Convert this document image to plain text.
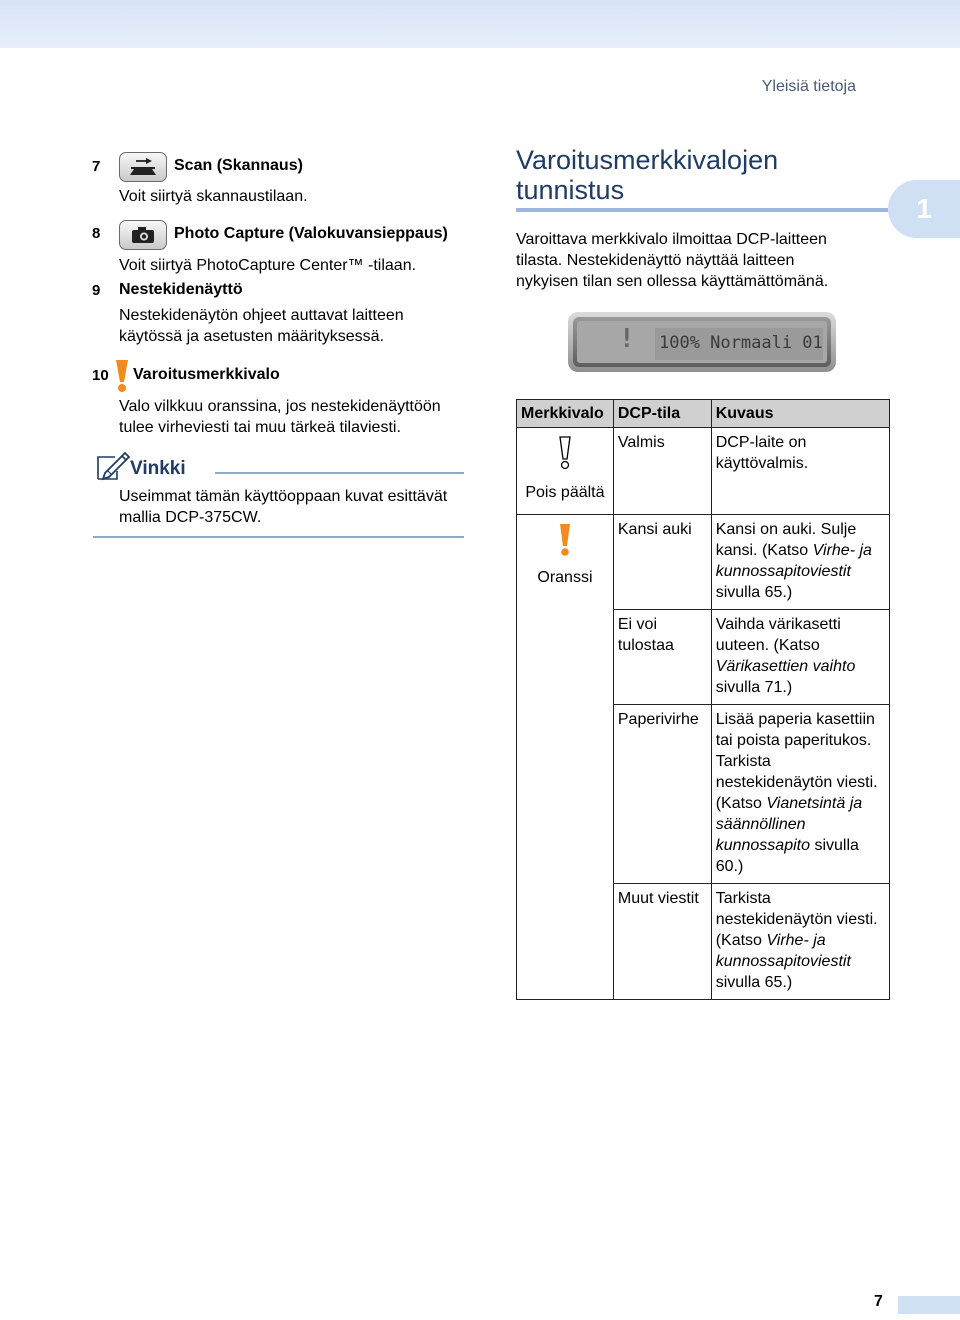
Yleisiä tietoja
1
7	Scan (Skannaus)
Voit siirtyä skannaustilaan.
8	Photo Capture (Valokuvansieppaus)
Voit siirtyä PhotoCapture Center™ -tilaan.
9 Nestekidenäyttö
Nestekidenäytön ohjeet auttavat laitteen
käytössä ja asetusten määrityksessä.
10 Varoitusmerkkivalo
Valo vilkkuu oranssina, jos nestekidenäyttöön
tulee virheviesti tai muu tärkeä tilaviesti.
Vinkki
Useimmat tämän käyttöoppaan kuvat esittävät
mallia DCP-375CW.
Varoitusmerkkivalojen
tunnistus
Varoittava merkkivalo ilmoittaa DCP-laitteen
tilasta. Nestekidenäyttö näyttää laitteen
nykyisen tilan sen ollessa käyttämättömänä.
! 100% Normaali 01
Merkkivalo	DCP-tila	Kuvaus

Pois päältä	Valmis	DCP-laite on
käyttövalmis.

Oranssi	Kansi auki	Kansi on auki. Sulje kansi. (Katso Virhe- ja kunnossapitoviestit sivulla 65.)

	Ei voi
tulostaa	Vaihda värikasetti uuteen. (Katso Värikasettien vaihto sivulla 71.)

	Paperivirhe	Lisää paperia kasettiin tai poista paperitukos. Tarkista nestekidenäytön viesti. (Katso Vianetsintä ja säännöllinen kunnossapito sivulla 60.)

	Muut viestit	Tarkista nestekidenäytön viesti. (Katso Virhe- ja kunnossapitoviestit sivulla 65.)
7
